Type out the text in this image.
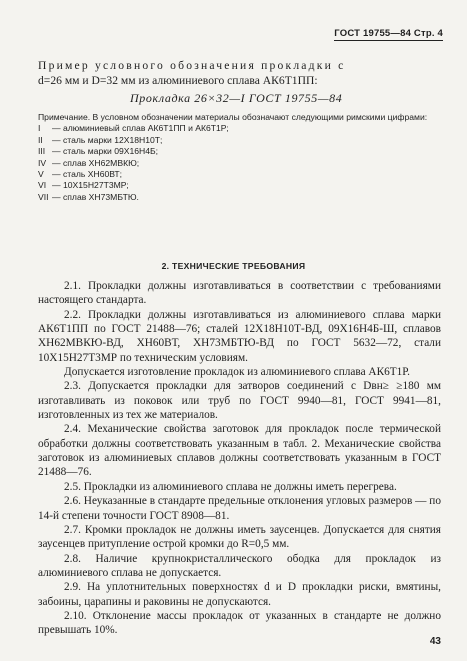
ГОСТ 19755—84 Стр. 4

Пример условного обозначения прокладки с

d=26 мм и D=32 мм из алюминиевого сплава АК6Т1ПП:

Прокладка 26×32—I ГОСТ 19755—84

Примечание. В условном обозначении материалы обозначают следующими римскими цифрами:

I — алюминиевый сплав АК6Т1ПП и АК6Т1Р;
II — сталь марки 12Х18Н10Т;
III — сталь марки 09Х16Н4Б;
IV — сплав ХН62МВКЮ;
V — сталь ХН60ВТ;
VI — 10Х15Н27Т3МР;
VII — сплав ХН73МБТЮ.
2. ТЕХНИЧЕСКИЕ ТРЕБОВАНИЯ

2.1. Прокладки должны изготавливаться в соответствии с требованиями настоящего стандарта.

2.2. Прокладки должны изготавливаться из алюминиевого сплава марки АК6Т1ПП по ГОСТ 21488—76; сталей 12Х18Н10Т-ВД, 09Х16Н4Б-Ш, сплавов ХН62МВКЮ-ВД, ХН60ВТ, ХН73МБТЮ-ВД по ГОСТ 5632—72, стали 10Х15Н27Т3МР по техническим условиям.

Допускается изготовление прокладок из алюминиевого сплава АК6Т1Р.

2.3. Допускается прокладки для затворов соединений с Dвн≥ ≥180 мм изготавливать из поковок или труб по ГОСТ 9940—81, ГОСТ 9941—81, изготовленных из тех же материалов.

2.4. Механические свойства заготовок для прокладок после термической обработки должны соответствовать указанным в табл. 2. Механические свойства заготовок из алюминиевых сплавов должны соответствовать указанным в ГОСТ 21488—76.

2.5. Прокладки из алюминиевого сплава не должны иметь перегрева.

2.6. Неуказанные в стандарте предельные отклонения угловых размеров — по 14-й степени точности ГОСТ 8908—81.

2.7. Кромки прокладок не должны иметь заусенцев. Допускается для снятия заусенцев притупление острой кромки до R=0,5 мм.

2.8. Наличие крупнокристаллического ободка для прокладок из алюминиевого сплава не допускается.

2.9. На уплотнительных поверхностях d и D прокладки риски, вмятины, забоины, царапины и раковины не допускаются.

2.10. Отклонение массы прокладок от указанных в стандарте не должно превышать 10%.

43
